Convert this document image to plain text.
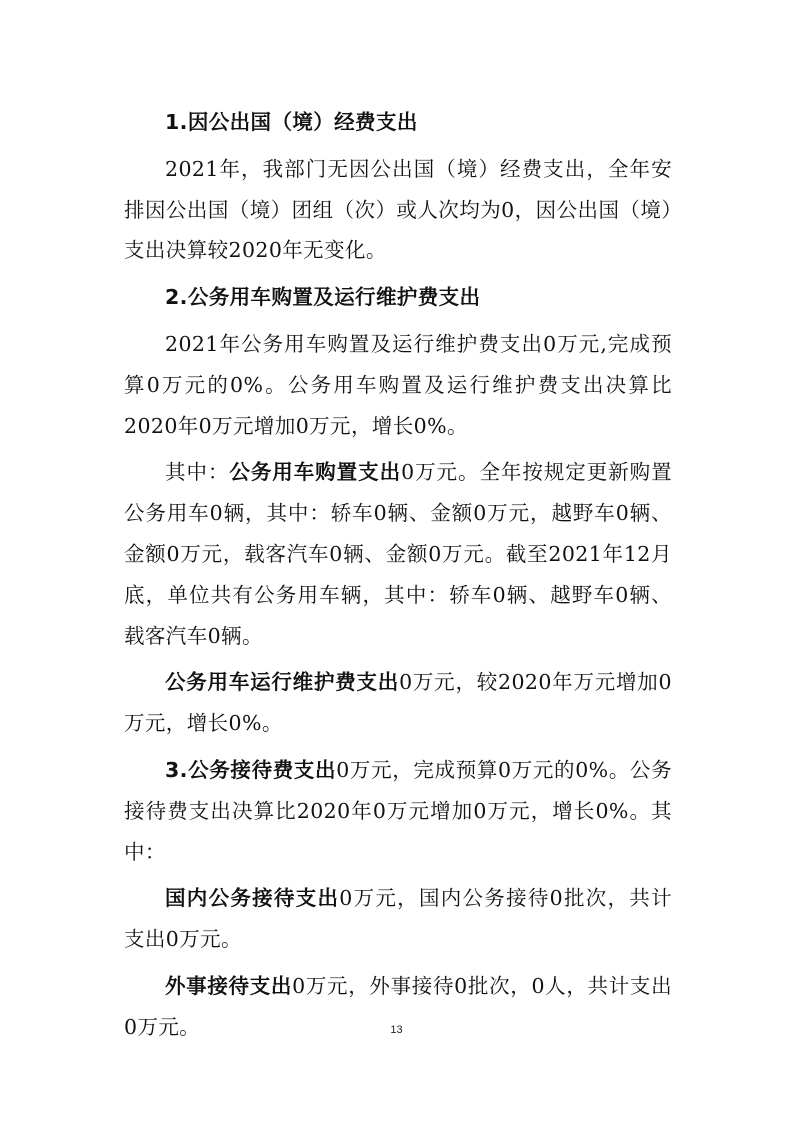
1.因公出国（境）经费支出

2021年，我部门无因公出国（境）经费支出，全年安排因公出国（境）团组（次）或人次均为0，因公出国（境）支出决算较2020年无变化。

2.公务用车购置及运行维护费支出

2021年公务用车购置及运行维护费支出0万元,完成预算0万元的0%。公务用车购置及运行维护费支出决算比2020年0万元增加0万元，增长0%。

其中：公务用车购置支出0万元。全年按规定更新购置公务用车0辆，其中：轿车0辆、金额0万元，越野车0辆、金额0万元，载客汽车0辆、金额0万元。截至2021年12月底，单位共有公务用车辆，其中：轿车0辆、越野车0辆、载客汽车0辆。

公务用车运行维护费支出0万元，较2020年万元增加0万元，增长0%。

3.公务接待费支出0万元，完成预算0万元的0%。公务接待费支出决算比2020年0万元增加0万元，增长0%。其中：

国内公务接待支出0万元，国内公务接待0批次，共计支出0万元。

外事接待支出0万元，外事接待0批次，0人，共计支出0万元。	13
